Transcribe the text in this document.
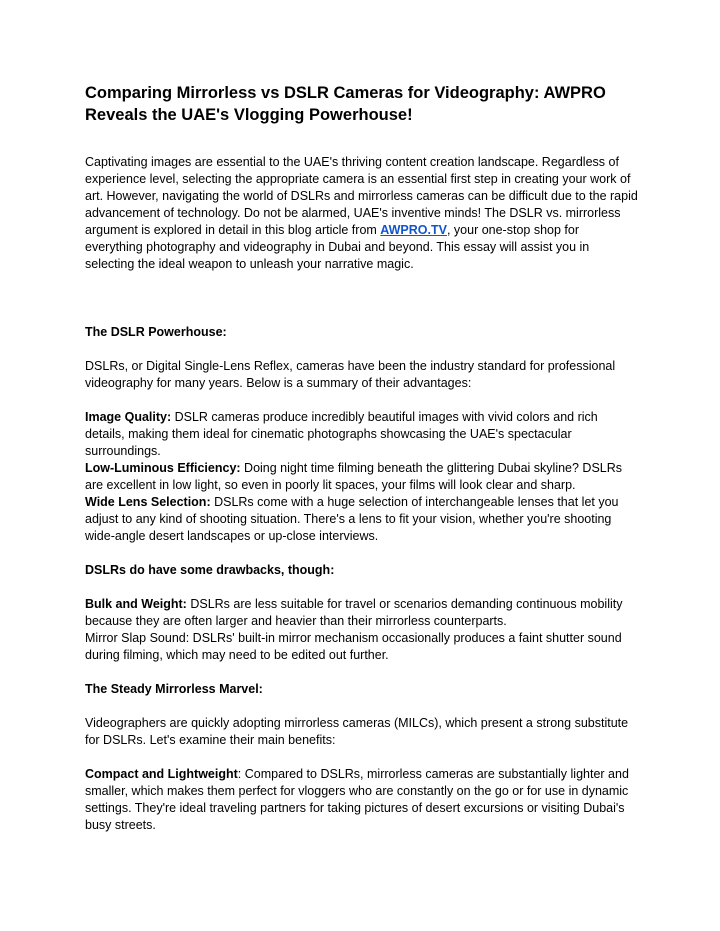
Comparing Mirrorless vs DSLR Cameras for Videography: AWPRO Reveals the UAE's Vlogging Powerhouse!

Captivating images are essential to the UAE's thriving content creation landscape. Regardless of experience level, selecting the appropriate camera is an essential first step in creating your work of art. However, navigating the world of DSLRs and mirrorless cameras can be difficult due to the rapid advancement of technology. Do not be alarmed, UAE's inventive minds! The DSLR vs. mirrorless argument is explored in detail in this blog article from AWPRO.TV, your one-stop shop for everything photography and videography in Dubai and beyond. This essay will assist you in selecting the ideal weapon to unleash your narrative magic.

The DSLR Powerhouse:

DSLRs, or Digital Single-Lens Reflex, cameras have been the industry standard for professional videography for many years. Below is a summary of their advantages:

Image Quality: DSLR cameras produce incredibly beautiful images with vivid colors and rich details, making them ideal for cinematic photographs showcasing the UAE's spectacular surroundings.

Low-Luminous Efficiency: Doing night time filming beneath the glittering Dubai skyline? DSLRs are excellent in low light, so even in poorly lit spaces, your films will look clear and sharp.

Wide Lens Selection: DSLRs come with a huge selection of interchangeable lenses that let you adjust to any kind of shooting situation. There's a lens to fit your vision, whether you're shooting wide-angle desert landscapes or up-close interviews.

DSLRs do have some drawbacks, though:

Bulk and Weight: DSLRs are less suitable for travel or scenarios demanding continuous mobility because they are often larger and heavier than their mirrorless counterparts.

Mirror Slap Sound: DSLRs' built-in mirror mechanism occasionally produces a faint shutter sound during filming, which may need to be edited out further.

The Steady Mirrorless Marvel:

Videographers are quickly adopting mirrorless cameras (MILCs), which present a strong substitute for DSLRs. Let's examine their main benefits:

Compact and Lightweight: Compared to DSLRs, mirrorless cameras are substantially lighter and smaller, which makes them perfect for vloggers who are constantly on the go or for use in dynamic settings. They're ideal traveling partners for taking pictures of desert excursions or visiting Dubai's busy streets.
